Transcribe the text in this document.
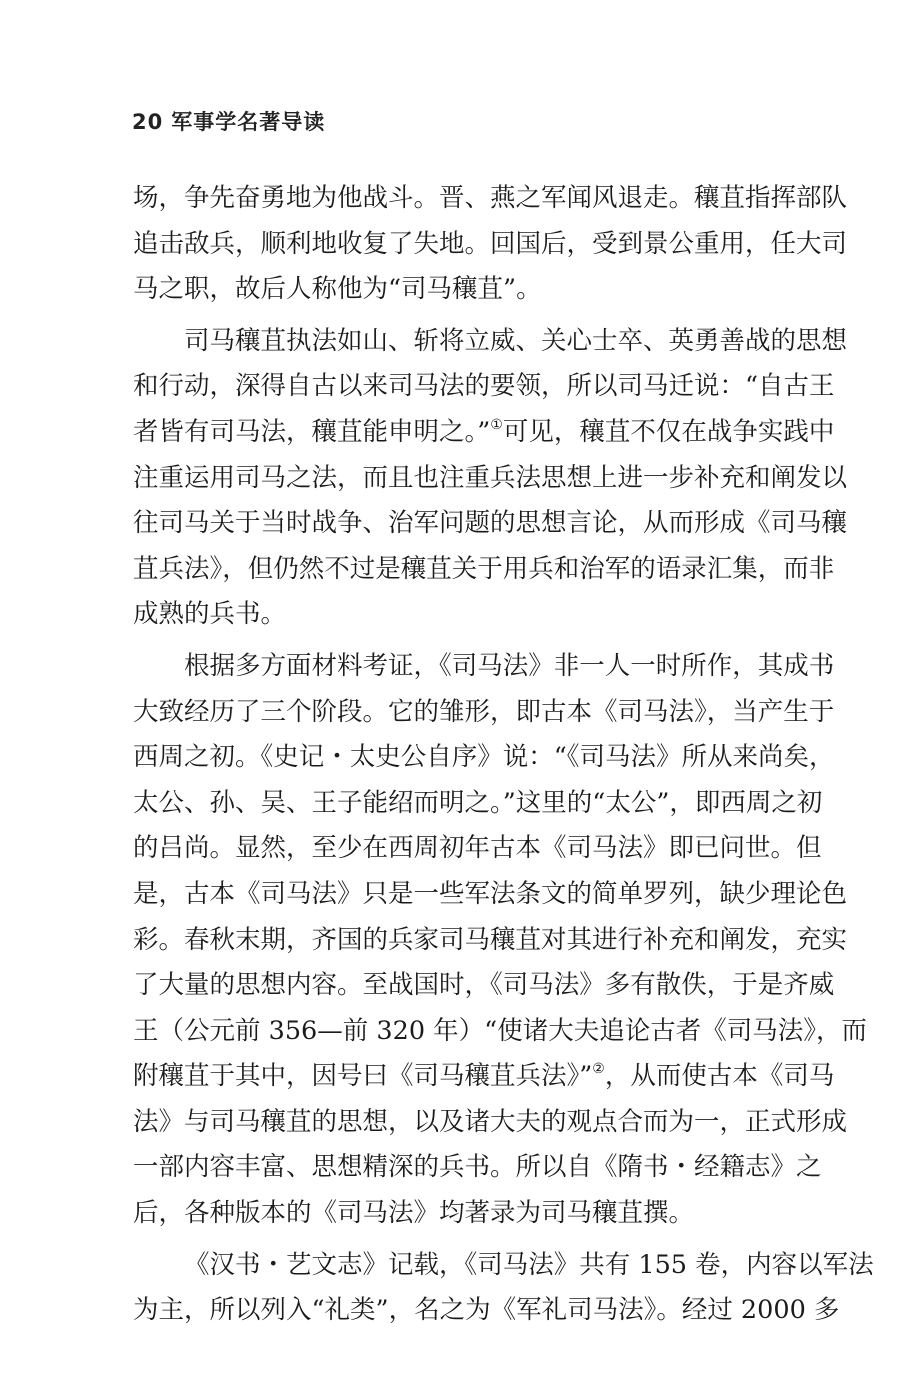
20 军事学名著导读
场，争先奋勇地为他战斗。晋、燕之军闻风退走。穰苴指挥部队
追击敌兵，顺利地收复了失地。回国后，受到景公重用，任大司
马之职，故后人称他为“司马穰苴”。
司马穰苴执法如山、斩将立威、关心士卒、英勇善战的思想
和行动，深得自古以来司马法的要领，所以司马迁说：“自古王
者皆有司马法，穰苴能申明之。”①可见，穰苴不仅在战争实践中
注重运用司马之法，而且也注重兵法思想上进一步补充和阐发以
往司马关于当时战争、治军问题的思想言论，从而形成《司马穰
苴兵法》，但仍然不过是穰苴关于用兵和治军的语录汇集，而非
成熟的兵书。
根据多方面材料考证，《司马法》非一人一时所作，其成书
大致经历了三个阶段。它的雏形，即古本《司马法》，当产生于
西周之初。《史记・太史公自序》说：“《司马法》所从来尚矣，
太公、孙、吴、王子能绍而明之。”这里的“太公”，即西周之初
的吕尚。显然，至少在西周初年古本《司马法》即已问世。但
是，古本《司马法》只是一些军法条文的简单罗列，缺少理论色
彩。春秋末期，齐国的兵家司马穰苴对其进行补充和阐发，充实
了大量的思想内容。至战国时，《司马法》多有散佚，于是齐威
王（公元前 356—前 320 年）“使诸大夫追论古者《司马法》，而
附穰苴于其中，因号曰《司马穰苴兵法》”②，从而使古本《司马
法》与司马穰苴的思想，以及诸大夫的观点合而为一，正式形成
一部内容丰富、思想精深的兵书。所以自《隋书・经籍志》之
后，各种版本的《司马法》均著录为司马穰苴撰。
《汉书・艺文志》记载，《司马法》共有 155 卷，内容以军法
为主，所以列入“礼类”，名之为《军礼司马法》。经过 2000 多
